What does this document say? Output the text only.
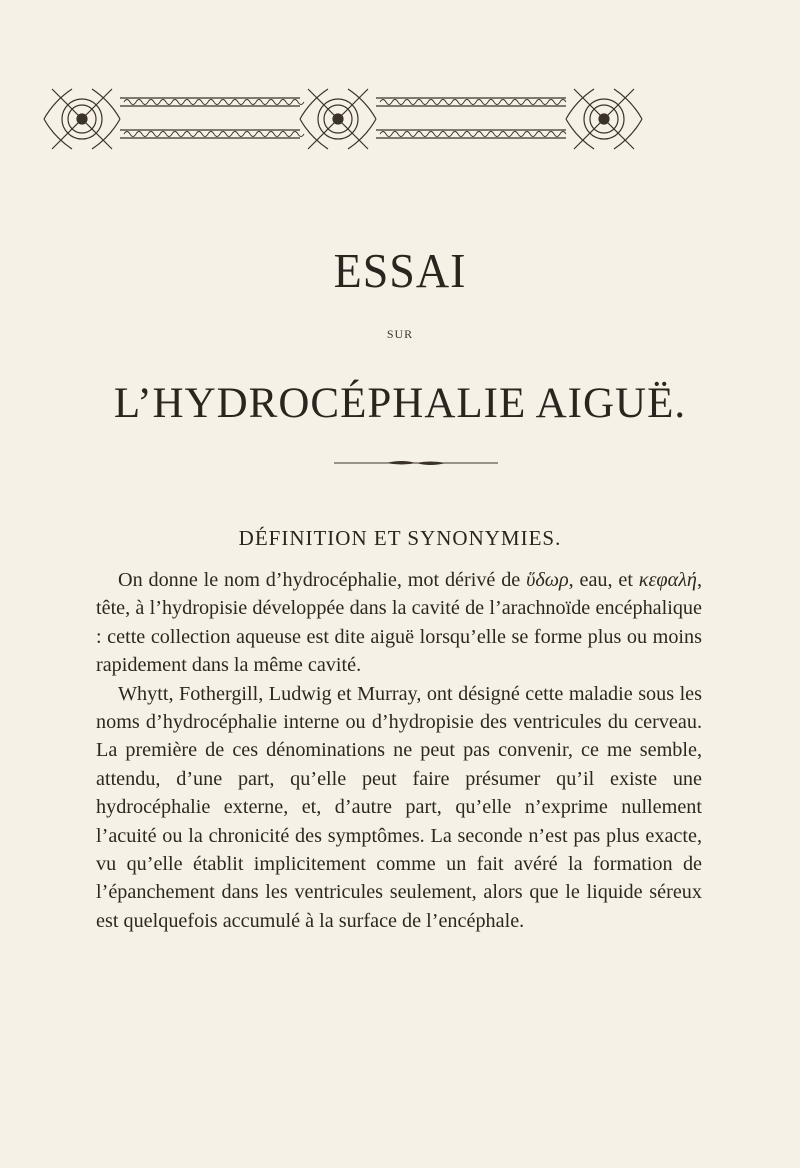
ESSAI
SUR
L’HYDROCÉPHALIE AIGUË.
DÉFINITION ET SYNONYMIES.

On donne le nom d’hydrocéphalie, mot dérivé de ὕδωρ, eau, et κεφαλή, tête, à l’hydropisie développée dans la cavité de l’arachnoïde encéphalique : cette collection aqueuse est dite aiguë lorsqu’elle se forme plus ou moins rapidement dans la même cavité.

Whytt, Fothergill, Ludwig et Murray, ont désigné cette maladie sous les noms d’hydrocéphalie interne ou d’hydropisie des ventricules du cerveau. La première de ces dénominations ne peut pas convenir, ce me semble, attendu, d’une part, qu’elle peut faire présumer qu’il existe une hydrocéphalie externe, et, d’autre part, qu’elle n’exprime nullement l’acuité ou la chronicité des symptômes. La seconde n’est pas plus exacte, vu qu’elle établit implicitement comme un fait avéré la formation de l’épanchement dans les ventricules seulement, alors que le liquide séreux est quelquefois accumulé à la surface de l’encéphale.
